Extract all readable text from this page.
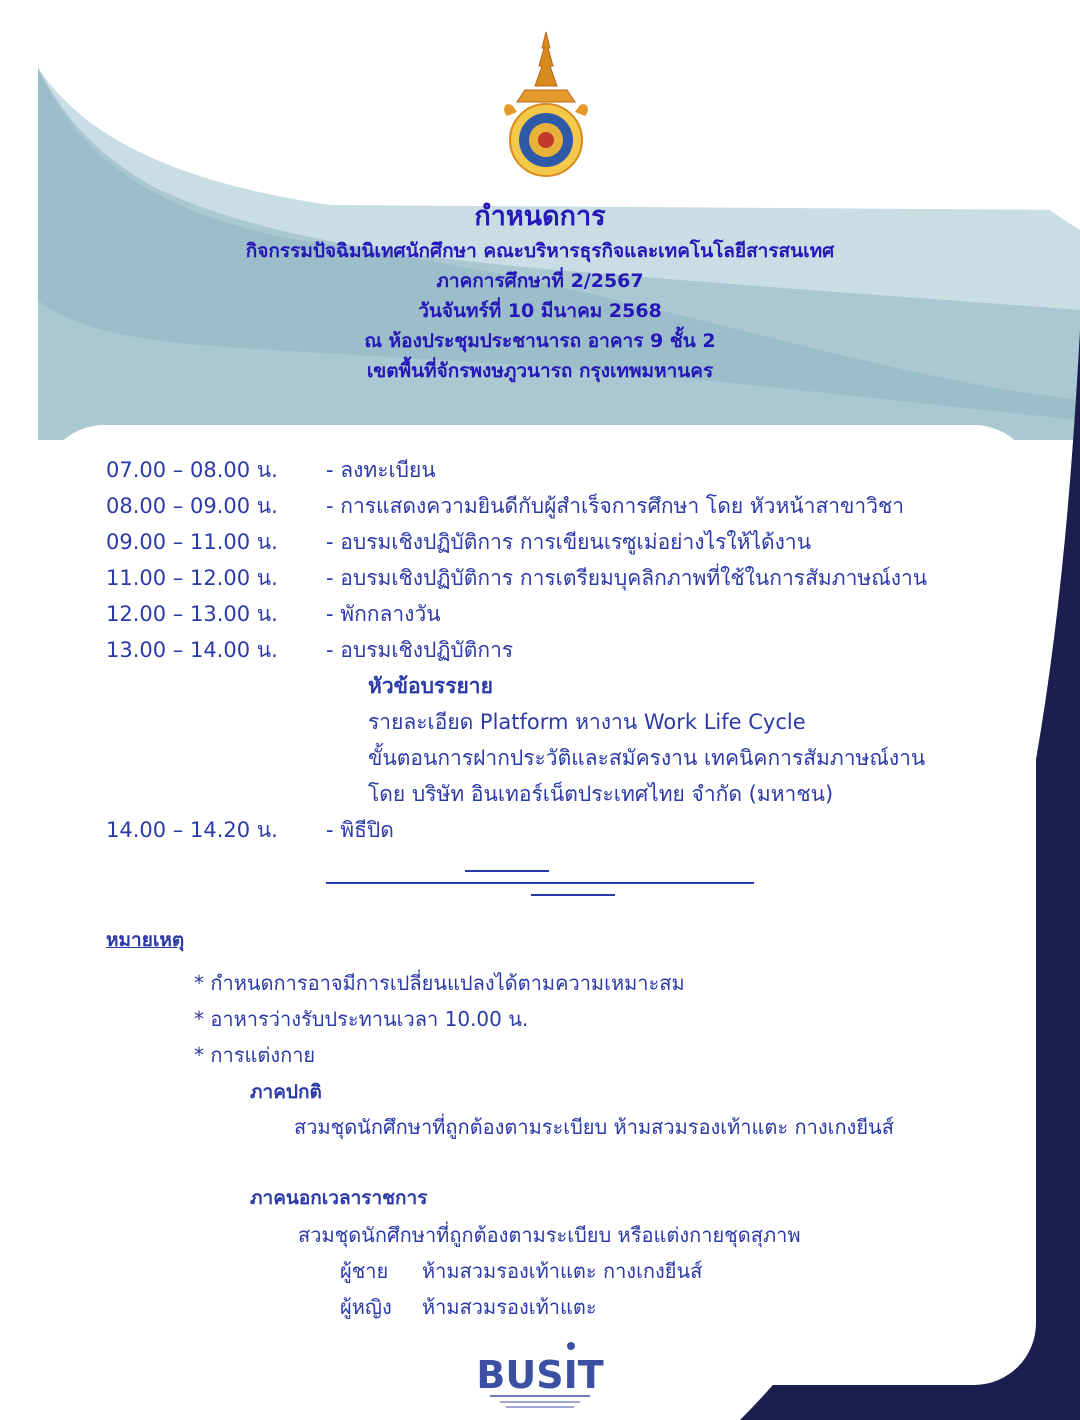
กำหนดการ
กิจกรรมปัจฉิมนิเทศนักศึกษา คณะบริหารธุรกิจและเทคโนโลยีสารสนเทศ
ภาคการศึกษาที่ 2/2567
วันจันทร์ที่ 10 มีนาคม 2568
ณ ห้องประชุมประชานารถ อาคาร 9 ชั้น 2
เขตพื้นที่จักรพงษภูวนารถ กรุงเทพมหานคร
07.00 – 08.00 น. - ลงทะเบียน
08.00 – 09.00 น. - การแสดงความยินดีกับผู้สำเร็จการศึกษา โดย หัวหน้าสาขาวิชา
09.00 – 11.00 น. - อบรมเชิงปฏิบัติการ การเขียนเรซูเม่อย่างไรให้ได้งาน
11.00 – 12.00 น. - อบรมเชิงปฏิบัติการ การเตรียมบุคลิกภาพที่ใช้ในการสัมภาษณ์งาน
12.00 – 13.00 น. - พักกลางวัน
13.00 – 14.00 น. - อบรมเชิงปฏิบัติการ
หัวข้อบรรยาย
รายละเอียด Platform หางาน Work Life Cycle
ขั้นตอนการฝากประวัติและสมัครงาน เทคนิคการสัมภาษณ์งาน
โดย บริษัท อินเทอร์เน็ตประเทศไทย จำกัด (มหาชน)
14.00 – 14.20 น. - พิธีปิด
หมายเหตุ
* กำหนดการอาจมีการเปลี่ยนแปลงได้ตามความเหมาะสม
* อาหารว่างรับประทานเวลา 10.00 น.
* การแต่งกาย
ภาคปกติ
สวมชุดนักศึกษาที่ถูกต้องตามระเบียบ ห้ามสวมรองเท้าแตะ กางเกงยีนส์
ภาคนอกเวลาราชการ
สวมชุดนักศึกษาที่ถูกต้องตามระเบียบ หรือแต่งกายชุดสุภาพ
ผู้ชาย ห้ามสวมรองเท้าแตะ กางเกงยีนส์
ผู้หญิง ห้ามสวมรองเท้าแตะ
BUSIT
